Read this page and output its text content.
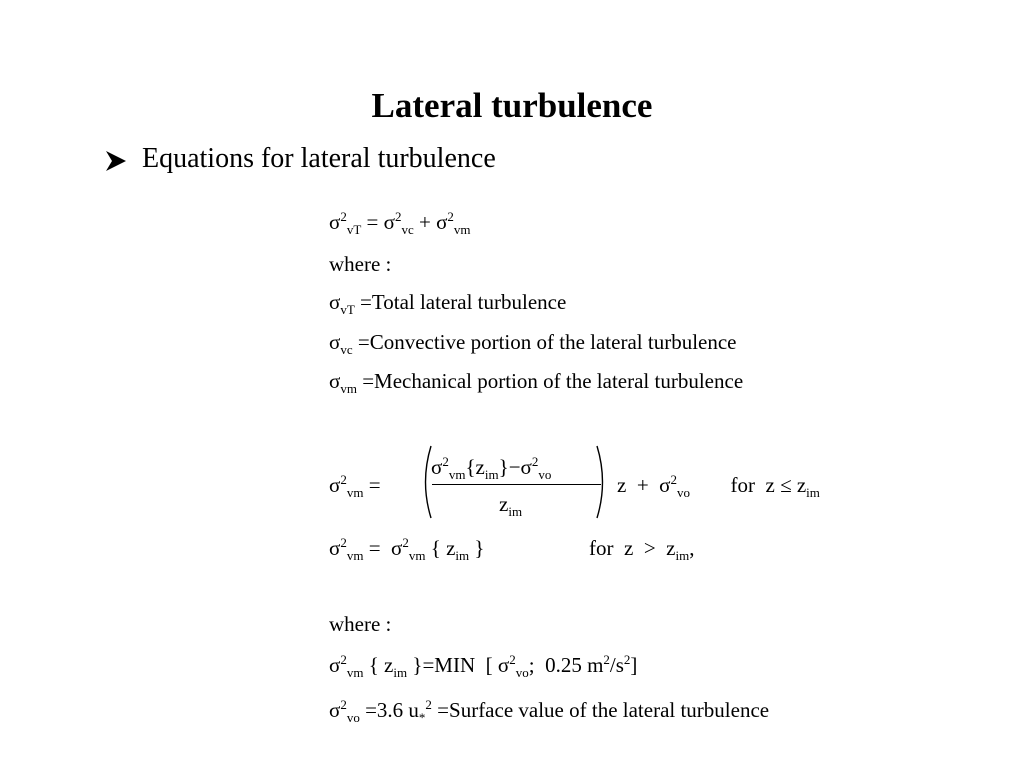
Lateral turbulence
Equations for lateral turbulence
$\sigma^2_{vT} = \sigma^2_{vc} + \sigma^2_{vm}$
where :
$\sigma_{vT}$ =Total lateral turbulence
$\sigma_{vc}$ =Convective portion of the lateral turbulence
$\sigma_{vm}$ =Mechanical portion of the lateral turbulence
$\sigma^2_{vm}$ =
$\sigma^2_{vm}\{z_{im}\}-\sigma^2_{vo}$
$z_{im}$
$z + \sigma^2_{vo}$ for $z \le z_{im}$
$\sigma^2_{vm} = \sigma^2_{vm}$ { $z_{im}$ }	for $z > z_{im}$,
where :
$\sigma^2_{vm}$ { $z_{im}$ }=MIN  [ $\sigma^2_{vo}$;  0.25 $m^2/s^2$]
$\sigma^2_{vo} =3.6$ $u_*^2$ =Surface value of the lateral turbulence
